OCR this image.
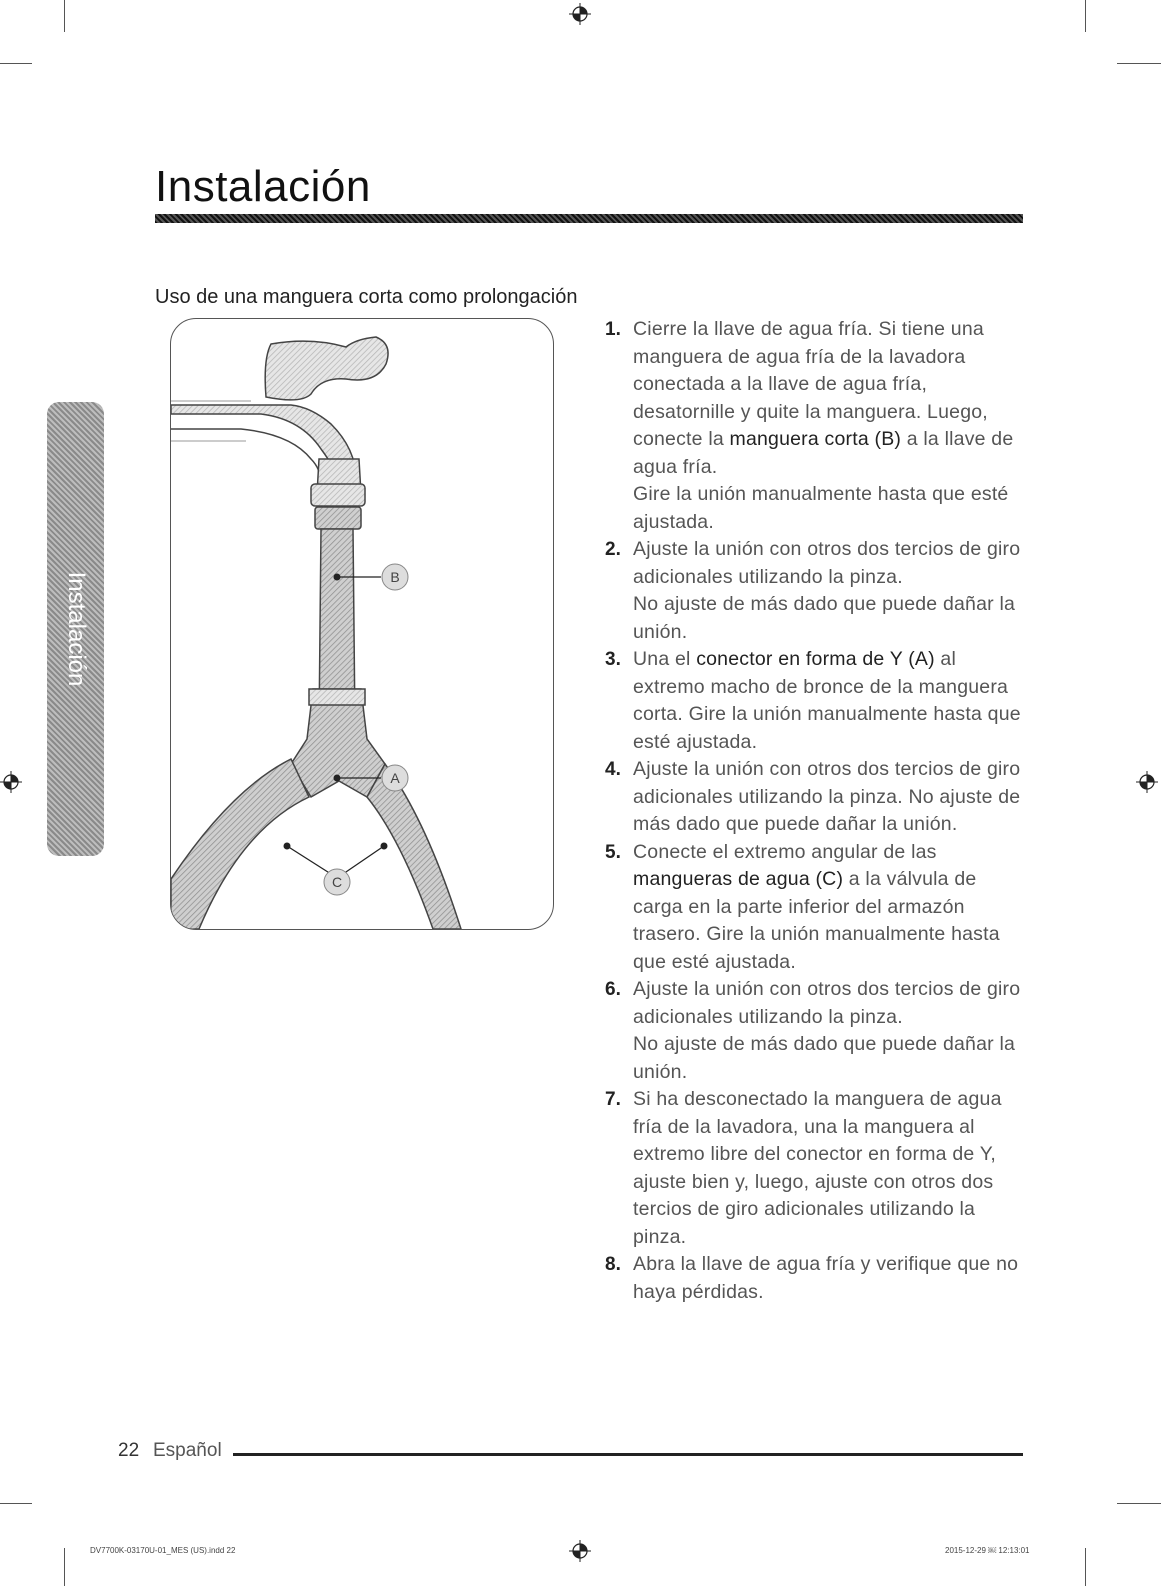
Instalación
Instalación
Uso de una manguera corta como prolongación
B
A
C
1. Cierre la llave de agua fría. Si tiene una manguera de agua fría de la lavadora conectada a la llave de agua fría, desatornille y quite la manguera. Luego, conecte la manguera corta (B) a la llave de agua fría.
Gire la unión manualmente hasta que esté ajustada.
2. Ajuste la unión con otros dos tercios de giro adicionales utilizando la pinza.
No ajuste de más dado que puede dañar la unión.
3. Una el conector en forma de Y (A) al extremo macho de bronce de la manguera corta. Gire la unión manualmente hasta que esté ajustada.
4. Ajuste la unión con otros dos tercios de giro adicionales utilizando la pinza. No ajuste de más dado que puede dañar la unión.
5. Conecte el extremo angular de las mangueras de agua (C) a la válvula de carga en la parte inferior del armazón trasero. Gire la unión manualmente hasta que esté ajustada.
6. Ajuste la unión con otros dos tercios de giro adicionales utilizando la pinza.
No ajuste de más dado que puede dañar la unión.
7. Si ha desconectado la manguera de agua fría de la lavadora, una la manguera al extremo libre del conector en forma de Y, ajuste bien y, luego, ajuste con otros dos tercios de giro adicionales utilizando la pinza.
8. Abra la llave de agua fría y verifique que no haya pérdidas.
22 Español
DV7700K-03170U-01_MES (US).indd 22	2015-12-29 ￼ 12:13:01
